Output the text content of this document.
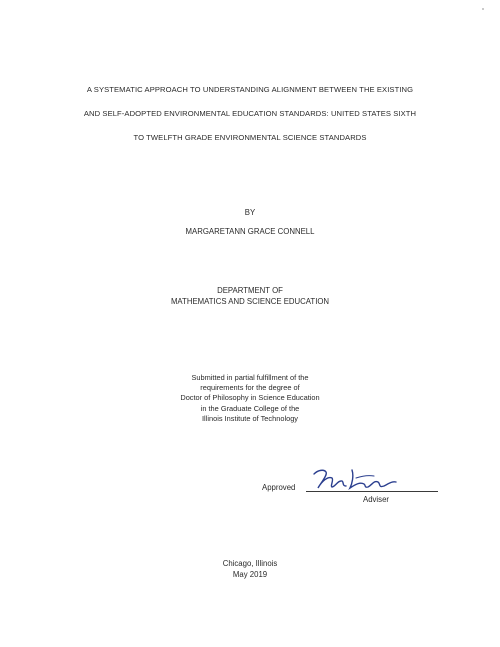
A SYSTEMATIC APPROACH TO UNDERSTANDING ALIGNMENT BETWEEN THE EXISTING
AND SELF-ADOPTED ENVIRONMENTAL EDUCATION STANDARDS: UNITED STATES SIXTH
TO TWELFTH GRADE ENVIRONMENTAL SCIENCE STANDARDS
BY
MARGARETANN GRACE CONNELL
DEPARTMENT OF
MATHEMATICS AND SCIENCE EDUCATION
Submitted in partial fulfillment of the
requirements for the degree of
Doctor of Philosophy in Science Education
in the Graduate College of the
Illinois Institute of Technology
Approved
Adviser
Chicago, Illinois
May 2019
